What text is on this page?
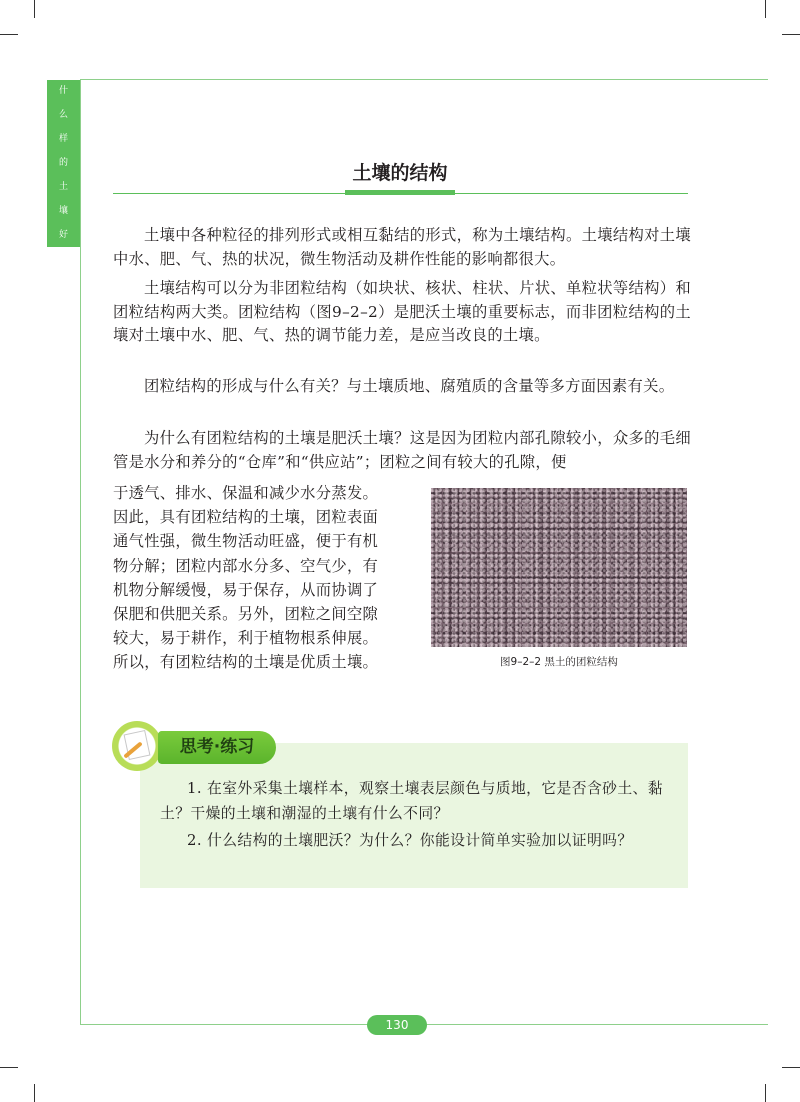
什
么
样
的
土
壤
好
土壤的结构

土壤中各种粒径的排列形式或相互黏结的形式，称为土壤结构。土壤结构对土壤中水、肥、气、热的状况，微生物活动及耕作性能的影响都很大。

土壤结构可以分为非团粒结构（如块状、核状、柱状、片状、单粒状等结构）和团粒结构两大类。团粒结构（图9–2–2）是肥沃土壤的重要标志，而非团粒结构的土壤对土壤中水、肥、气、热的调节能力差，是应当改良的土壤。

团粒结构的形成与什么有关？与土壤质地、腐殖质的含量等多方面因素有关。

为什么有团粒结构的土壤是肥沃土壤？这是因为团粒内部孔隙较小，众多的毛细管是水分和养分的“仓库”和“供应站”；团粒之间有较大的孔隙，便

于透气、排水、保温和减少水分蒸发。
因此，具有团粒结构的土壤，团粒表面
通气性强，微生物活动旺盛，便于有机
物分解；团粒内部水分多、空气少，有
机物分解缓慢，易于保存，从而协调了
保肥和供肥关系。另外，团粒之间空隙
较大，易于耕作，利于植物根系伸展。
所以，有团粒结构的土壤是优质土壤。	图9–2–2 黑土的团粒结构
思考·练习

1. 在室外采集土壤样本，观察土壤表层颜色与质地，它是否含砂土、黏土？干燥的土壤和潮湿的土壤有什么不同？

2. 什么结构的土壤肥沃？为什么？你能设计简单实验加以证明吗？

130
